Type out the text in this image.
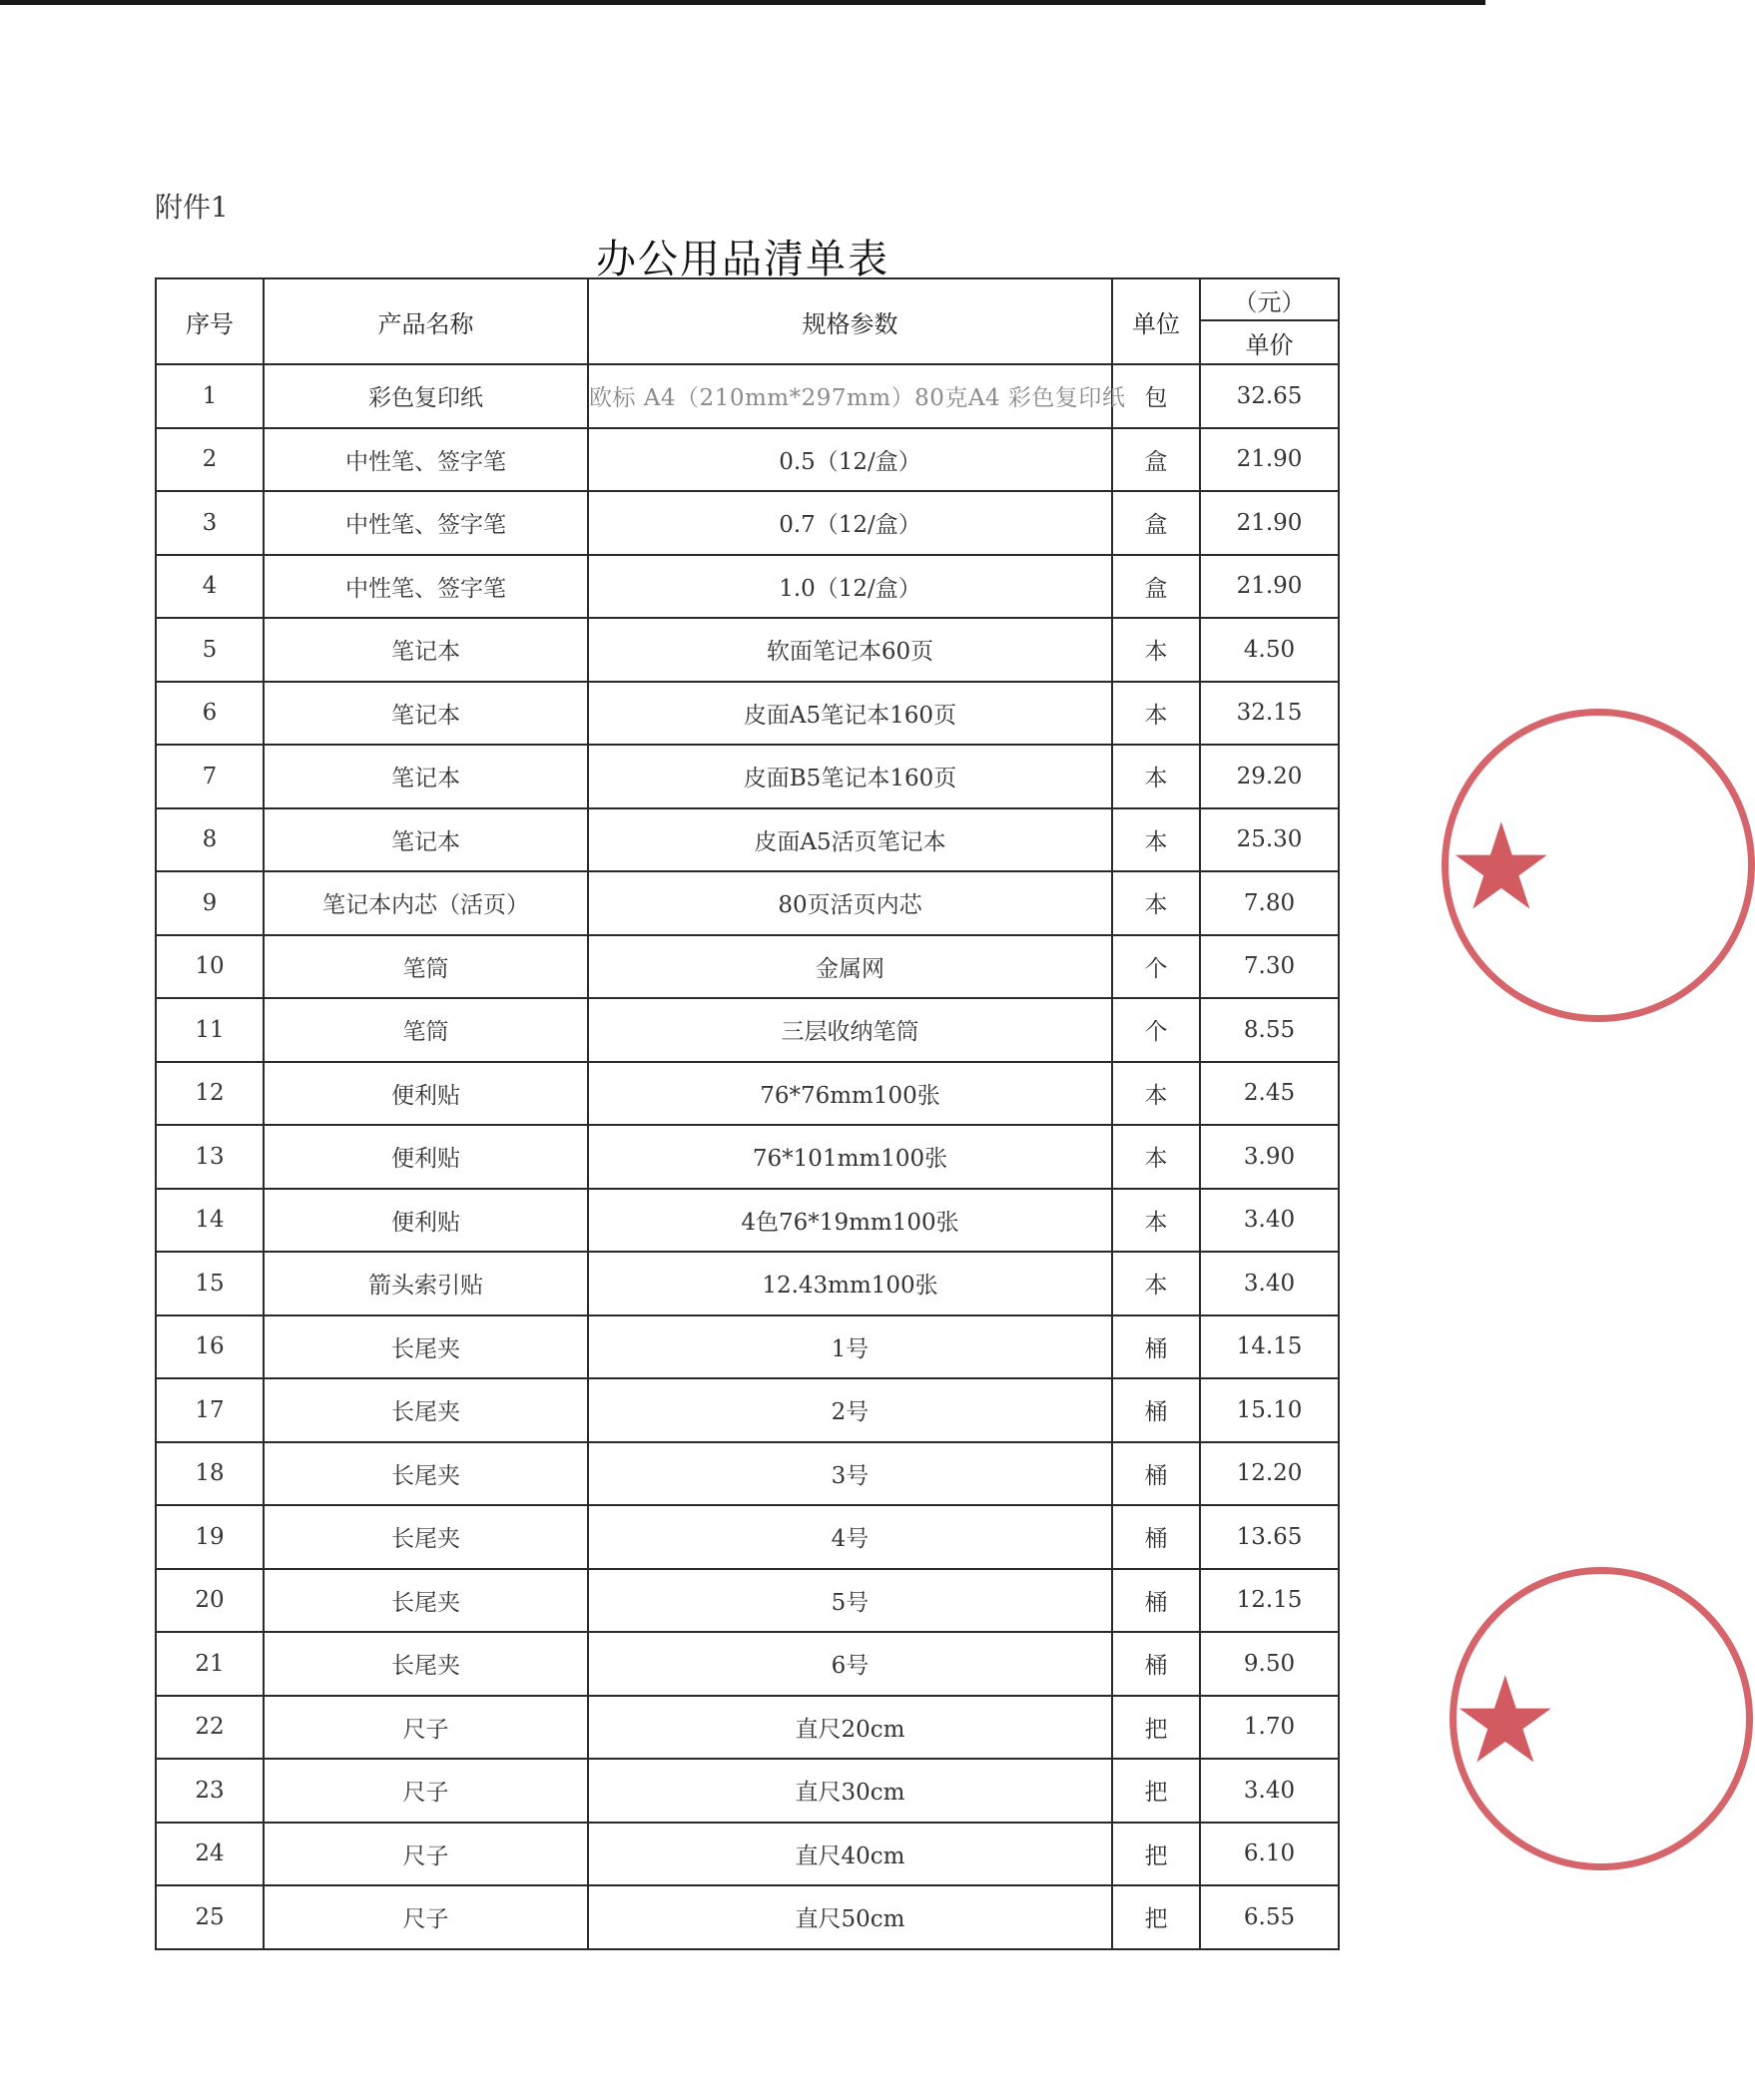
附件1
办公用品清单表
序号	产品名称	规格参数	单位	（元）
				单价
1	彩色复印纸	欧标 A4（210mm*297mm）80克A4 彩色复印纸	包	32.65
2	中性笔、签字笔	0.5（12/盒）	盒	21.90
3	中性笔、签字笔	0.7（12/盒）	盒	21.90
4	中性笔、签字笔	1.0（12/盒）	盒	21.90
5	笔记本	软面笔记本60页	本	4.50
6	笔记本	皮面A5笔记本160页	本	32.15
7	笔记本	皮面B5笔记本160页	本	29.20
8	笔记本	皮面A5活页笔记本	本	25.30
9	笔记本内芯（活页）	80页活页内芯	本	7.80
10	笔筒	金属网	个	7.30
11	笔筒	三层收纳笔筒	个	8.55
12	便利贴	76*76mm100张	本	2.45
13	便利贴	76*101mm100张	本	3.90
14	便利贴	4色76*19mm100张	本	3.40
15	箭头索引贴	12.43mm100张	本	3.40
16	长尾夹	1号	桶	14.15
17	长尾夹	2号	桶	15.10
18	长尾夹	3号	桶	12.20
19	长尾夹	4号	桶	13.65
20	长尾夹	5号	桶	12.15
21	长尾夹	6号	桶	9.50
22	尺子	直尺20cm	把	1.70
23	尺子	直尺30cm	把	3.40
24	尺子	直尺40cm	把	6.10
25	尺子	直尺50cm	把	6.55
★
★
